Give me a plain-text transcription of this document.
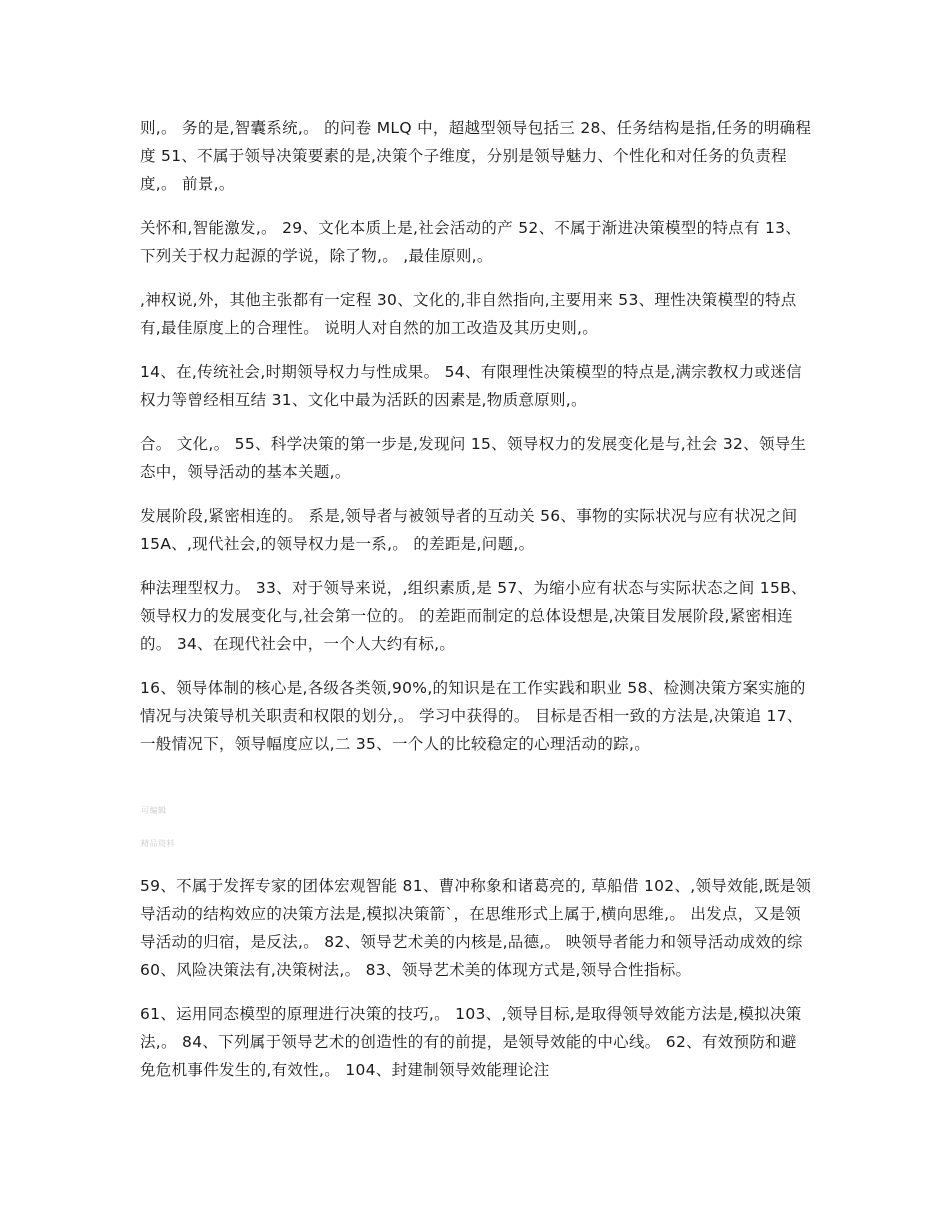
则,。 务的是,智囊系统,。 的问卷 MLQ 中，超越型领导包括三 28、任务结构是指,任务的明确程度 51、不属于领导决策要素的是,决策个子维度，分别是领导魅力、个性化和对任务的负责程度,。 前景,。

关怀和,智能激发,。 29、文化本质上是,社会活动的产 52、不属于渐进决策模型的特点有 13、下列关于权力起源的学说，除了物,。 ,最佳原则,。

,神权说,外，其他主张都有一定程 30、文化的,非自然指向,主要用来 53、理性决策模型的特点有,最佳原度上的合理性。 说明人对自然的加工改造及其历史则,。

14、在,传统社会,时期领导权力与性成果。 54、有限理性决策模型的特点是,满宗教权力或迷信权力等曾经相互结 31、文化中最为活跃的因素是,物质意原则,。

合。 文化,。 55、科学决策的第一步是,发现问 15、领导权力的发展变化是与,社会 32、领导生态中，领导活动的基本关题,。

发展阶段,紧密相连的。 系是,领导者与被领导者的互动关 56、事物的实际状况与应有状况之间 15A、,现代社会,的领导权力是一系,。 的差距是,问题,。

种法理型权力。 33、对于领导来说，,组织素质,是 57、为缩小应有状态与实际状态之间 15B、领导权力的发展变化与,社会第一位的。 的差距而制定的总体设想是,决策目发展阶段,紧密相连的。 34、在现代社会中，一个人大约有标,。

16、领导体制的核心是,各级各类领,90%,的知识是在工作实践和职业 58、检测决策方案实施的情况与决策导机关职责和权限的划分,。 学习中获得的。 目标是否相一致的方法是,决策追 17、一般情况下，领导幅度应以,二 35、一个人的比较稳定的心理活动的踪,。

可编辑

精品资料

59、不属于发挥专家的团体宏观智能 81、曹冲称象和诸葛亮的, 草船借 102、,领导效能,既是领导活动的结构效应的决策方法是,模拟决策箭`，在思维形式上属于,横向思维,。 出发点，又是领导活动的归宿，是反法,。 82、领导艺术美的内核是,品德,。 映领导者能力和领导活动成效的综 60、风险决策法有,决策树法,。 83、领导艺术美的体现方式是,领导合性指标。

61、运用同态模型的原理进行决策的技巧,。 103、,领导目标,是取得领导效能方法是,模拟决策法,。 84、下列属于领导艺术的创造性的有的前提，是领导效能的中心线。 62、有效预防和避免危机事件发生的,有效性,。 104、封建制领导效能理论注
